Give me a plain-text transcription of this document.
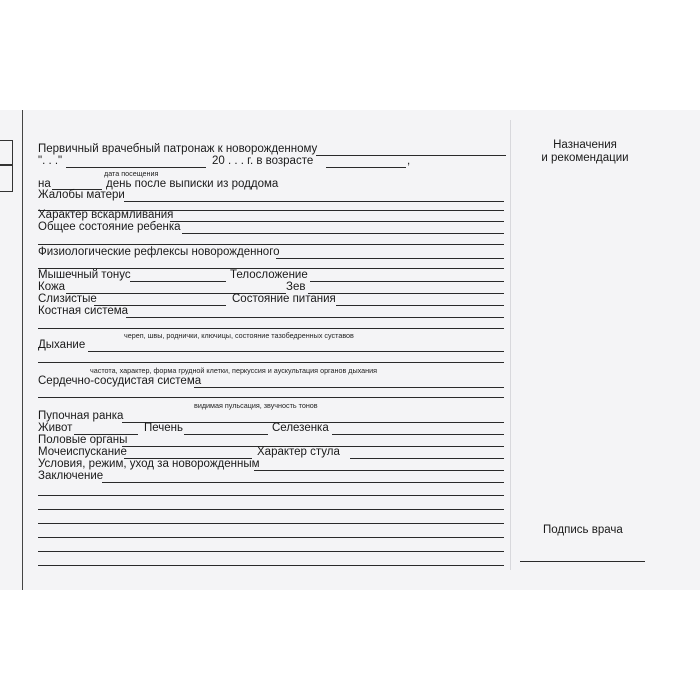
Назначения
и рекомендации
Подпись врача
Первичный врачебный патронаж к новорожденному
". . ."	20 . . . г. в возрасте	,
дата посещения
на	день после выписки из роддома
Жалобы матери
Характер вскармливания
Общее состояние ребенка
Физиологические рефлексы новорожденного
Мышечный тонус	Телосложение
Кожа	Зев
Слизистые	Состояние питания
Костная система
череп, швы, роднички, ключицы, состояние тазобедренных суставов
Дыхание
частота, характер, форма грудной клетки, перкуссия и аускультация органов дыхания
Сердечно-сосудистая система
видимая пульсация, звучность тонов
Пупочная ранка
Живот	Печень	Селезенка
Половые органы
Мочеиспускание	Характер стула
Условия, режим, уход за новорожденным
Заключение
